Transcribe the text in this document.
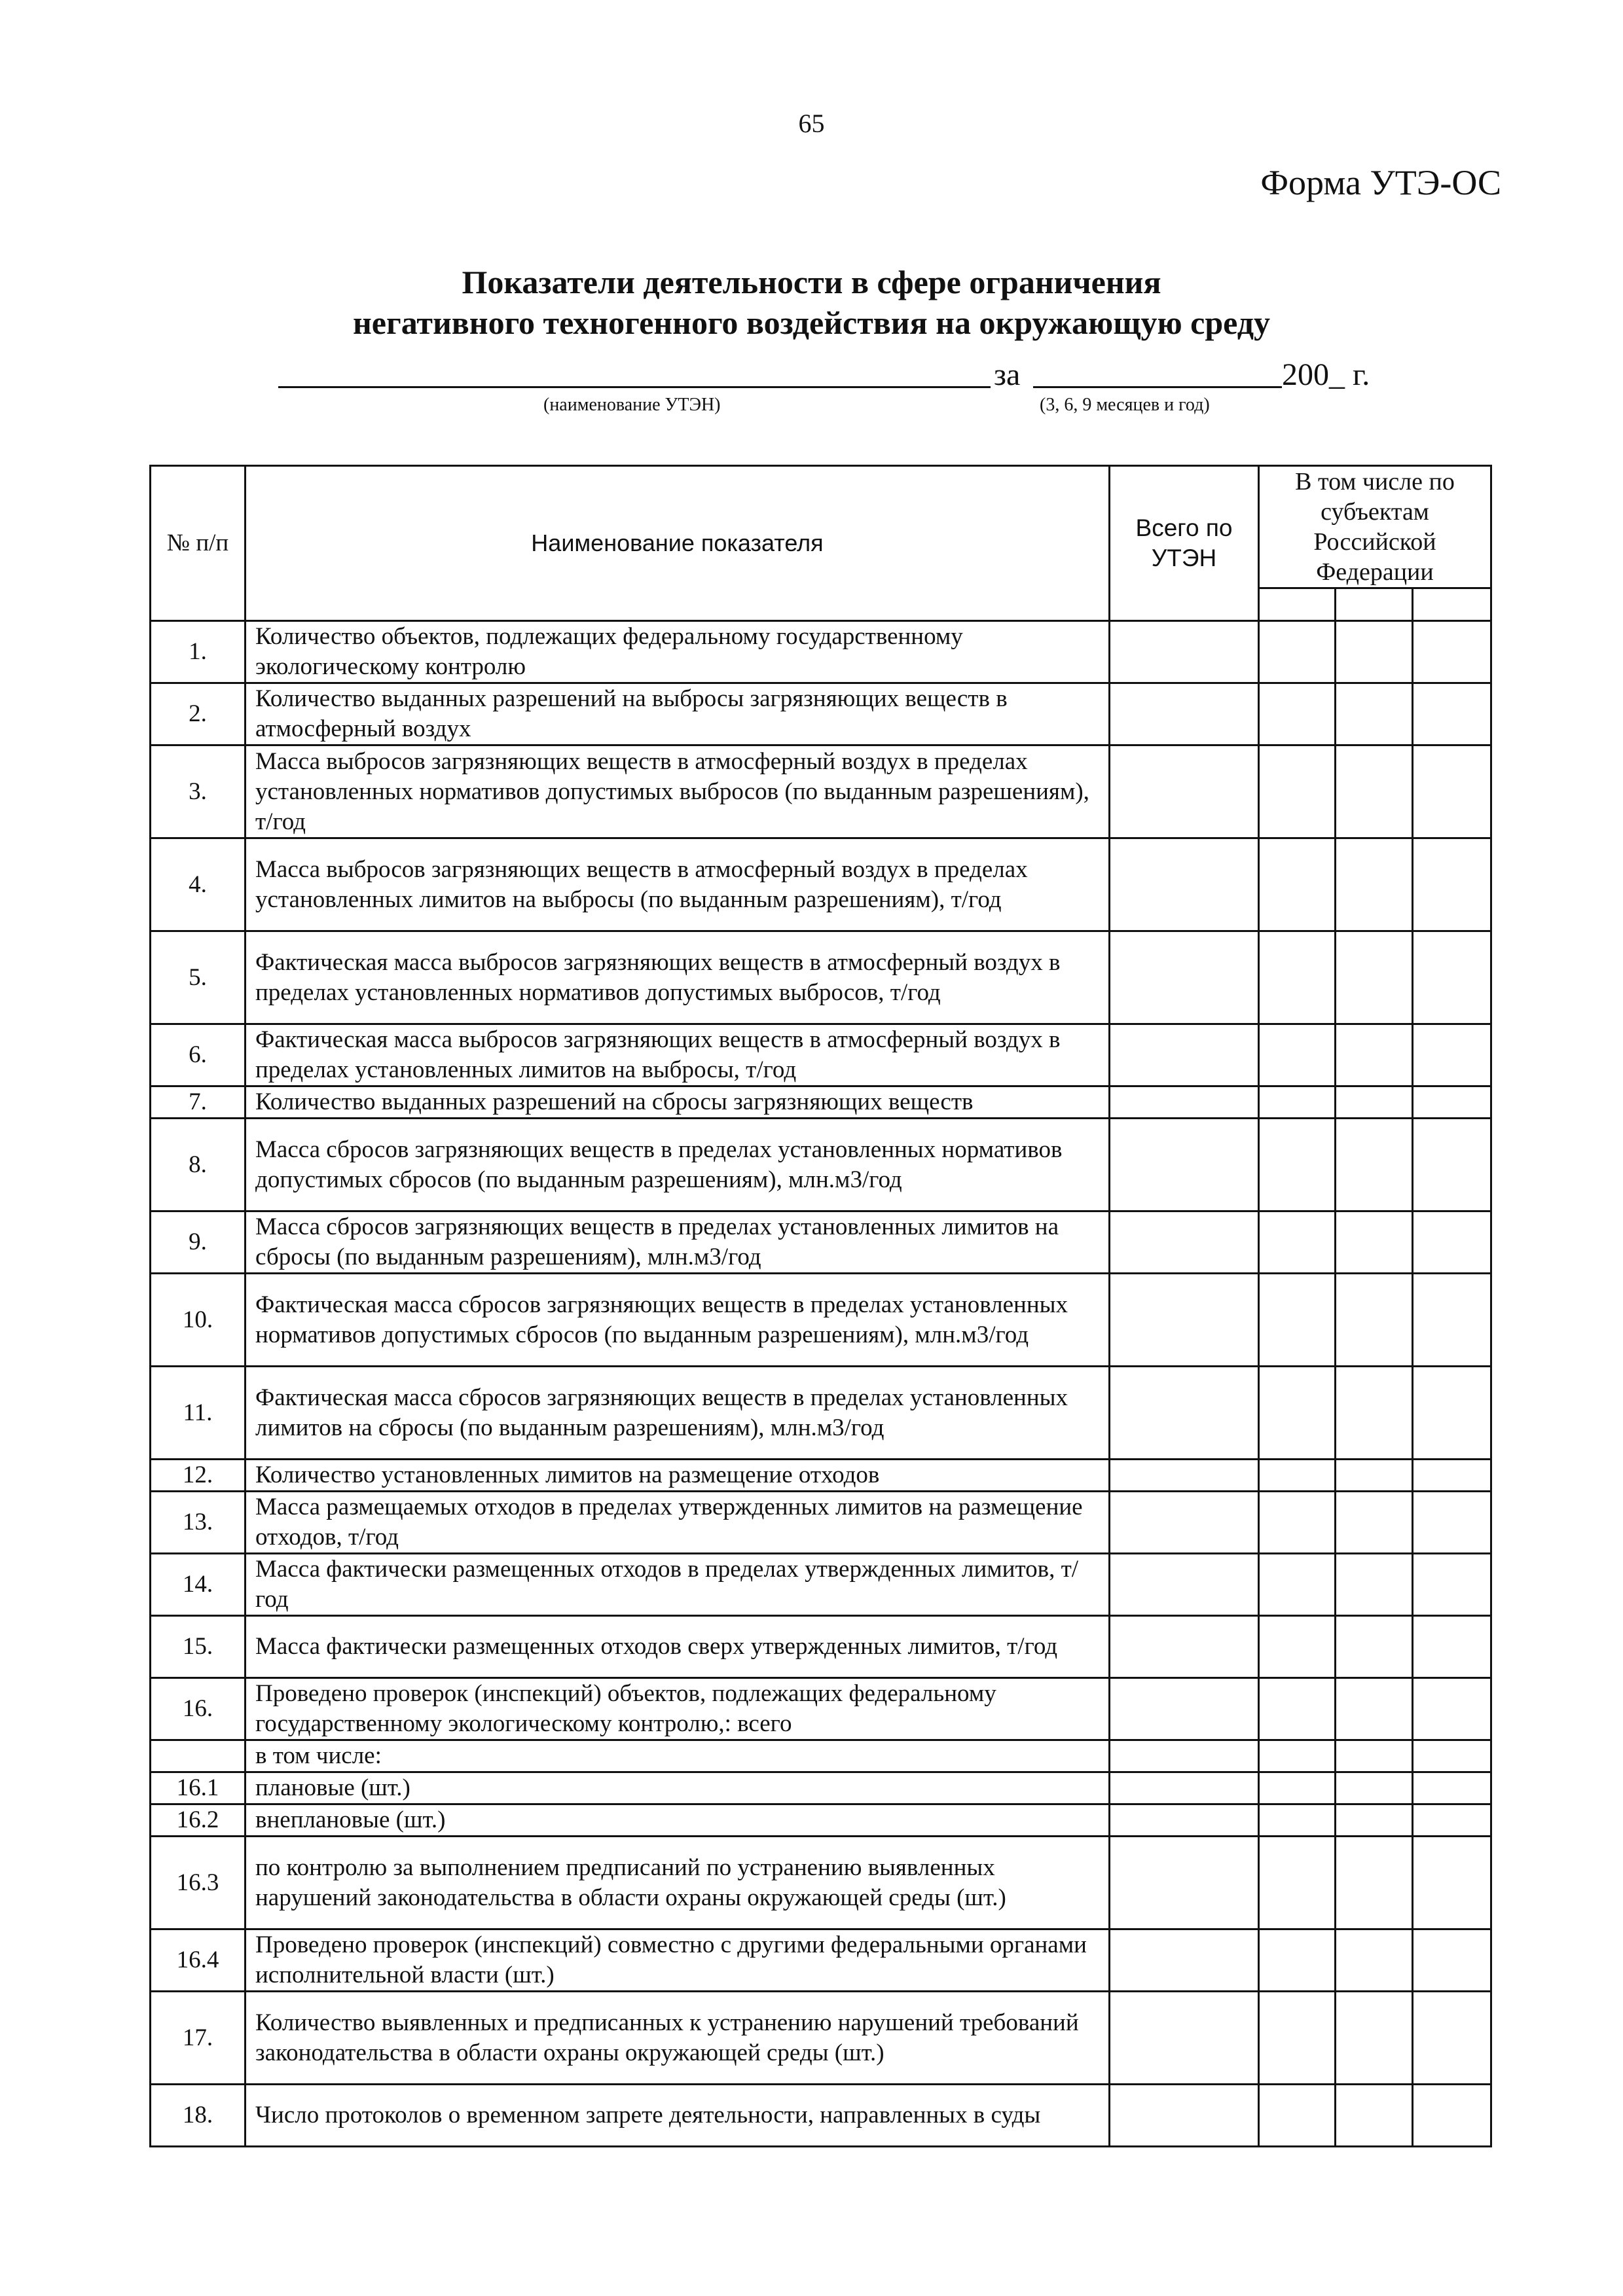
65
Форма УТЭ-ОС
Показатели деятельности в сфере ограничения
негативного техногенного воздействия на окружающую среду
(наименование УТЭН)
за
(3, 6, 9 месяцев и год)
200_ г.
№ п/п	Наименование показателя	Всего по УТЭН	В том числе по субъектам Российской Федерации		

1.	Количество объектов, подлежащих федеральному государственному экологическому контролю				
2.	Количество выданных разрешений на выбросы загрязняющих веществ в атмосферный воздух				
3.	Масса выбросов загрязняющих веществ в атмосферный воздух в пределах установленных нормативов допустимых выбросов (по выданным разрешениям), т/год				
4.	Масса выбросов загрязняющих веществ в атмосферный воздух в пределах установленных лимитов на выбросы (по выданным разрешениям), т/год				
5.	Фактическая масса выбросов загрязняющих веществ в атмосферный воздух в пределах установленных нормативов допустимых выбросов, т/год				
6.	Фактическая масса выбросов загрязняющих веществ в атмосферный воздух в пределах установленных лимитов на выбросы, т/год				
7.	Количество выданных разрешений на сбросы загрязняющих веществ				
8.	Масса сбросов загрязняющих веществ в пределах установленных нормативов допустимых сбросов (по выданным разрешениям), млн.м3/год				
9.	Масса сбросов загрязняющих веществ в пределах установленных лимитов на сбросы (по выданным разрешениям), млн.м3/год				
10.	Фактическая масса сбросов загрязняющих веществ в пределах установленных нормативов допустимых сбросов (по выданным разрешениям), млн.м3/год				
11.	Фактическая масса сбросов загрязняющих веществ в пределах установленных лимитов на сбросы (по выданным разрешениям), млн.м3/год				
12.	Количество установленных лимитов на размещение отходов				
13.	Масса размещаемых отходов в пределах утвержденных лимитов на размещение отходов, т/год				
14.	Масса фактически размещенных отходов в пределах утвержденных лимитов, т/год				
15.	Масса фактически размещенных отходов сверх утвержденных лимитов, т/год				
16.	Проведено проверок (инспекций) объектов, подлежащих федеральному государственному экологическому контролю,: всего				
	в том числе:				
16.1	плановые (шт.)				
16.2	внеплановые (шт.)				
16.3	по контролю за выполнением предписаний по устранению выявленных нарушений законодательства в области охраны окружающей среды (шт.)				
16.4	Проведено проверок (инспекций) совместно с другими федеральными органами исполнительной власти (шт.)				
17.	Количество выявленных и предписанных к устранению нарушений требований законодательства в области охраны окружающей среды (шт.)				
18.	Число протоколов о временном запрете деятельности, направленных в суды				
